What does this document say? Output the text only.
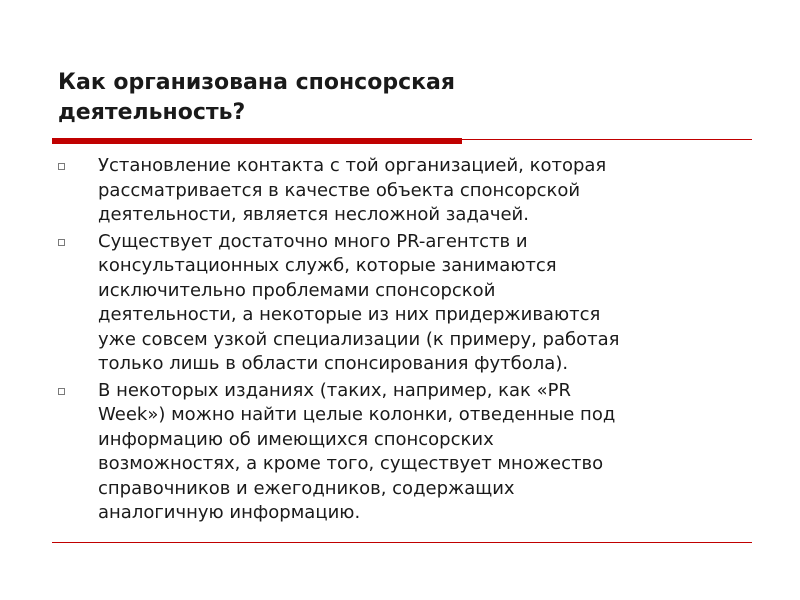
Как организована спонсорская
деятельность?
Установление контакта с той организацией, которая
рассматривается в качестве объекта спонсорской
деятельности, является несложной задачей.
Существует достаточно много PR-агентств и
консультационных служб, которые занимаются
исключительно проблемами спонсорской
деятельности, а некоторые из них придерживаются
уже совсем узкой специализации (к примеру, работая
только лишь в области спонсирования футбола).
В некоторых изданиях (таких, например, как «PR
Week») можно найти целые колонки, отведенные под
информацию об имеющихся спонсорских
возможностях, а кроме того, существует множество
справочников и ежегодников, содержащих
аналогичную информацию.
